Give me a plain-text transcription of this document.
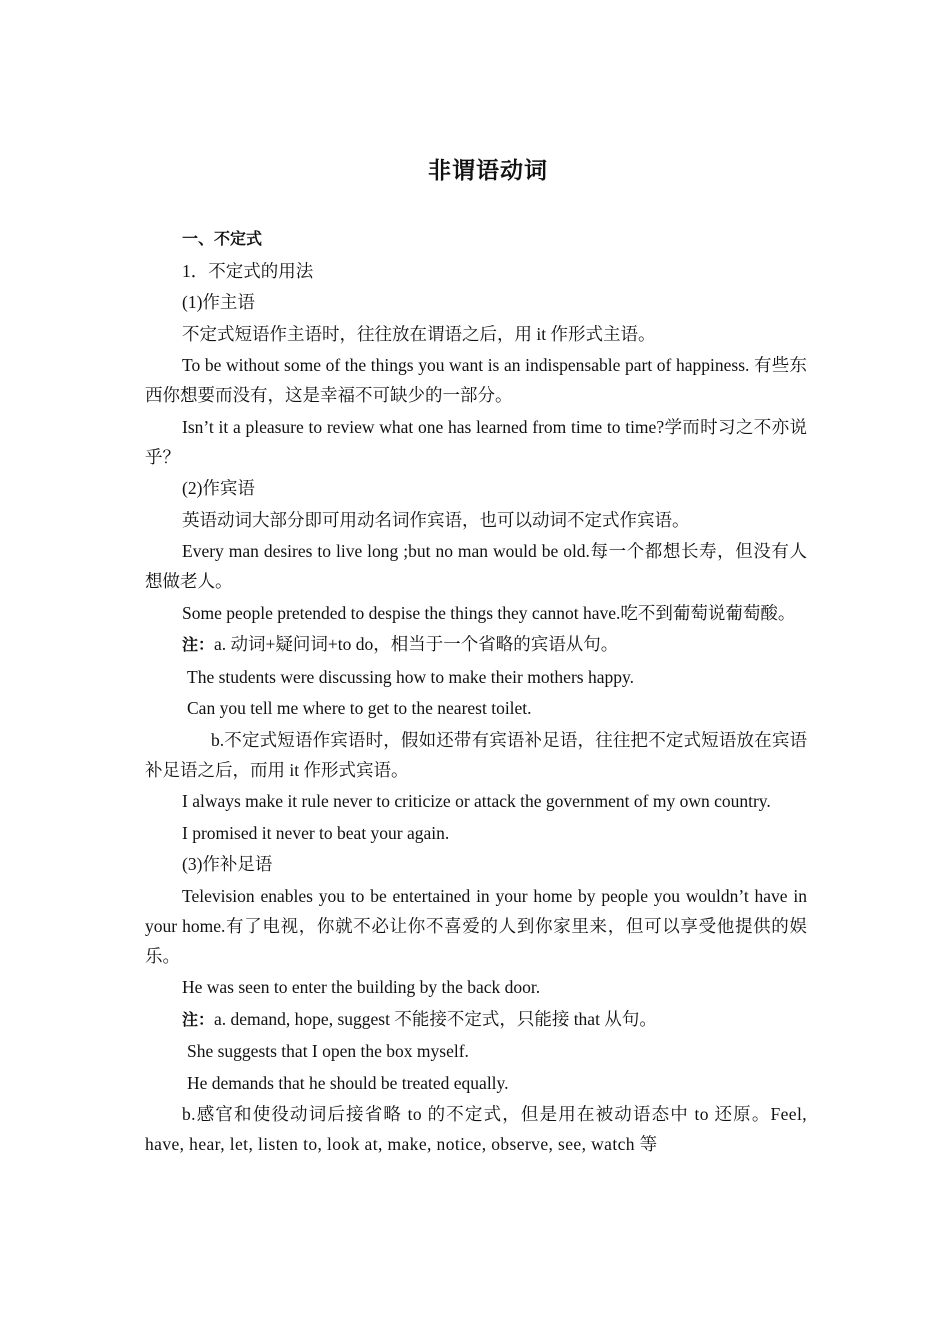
非谓语动词

一、不定式

1．不定式的用法

(1)作主语

不定式短语作主语时，往往放在谓语之后，用 it 作形式主语。

To be without some of the things you want is an indispensable part of happiness. 有些东西你想要而没有，这是幸福不可缺少的一部分。

Isn’t it a pleasure to review what one has learned from time to time?学而时习之不亦说乎？

(2)作宾语

英语动词大部分即可用动名词作宾语，也可以动词不定式作宾语。

Every man desires to live long ;but no man would be old.每一个都想长寿，但没有人想做老人。

Some people pretended to despise the things they cannot have.吃不到葡萄说葡萄酸。

注：a. 动词+疑问词+to do，相当于一个省略的宾语从句。

The students were discussing how to make their mothers happy.

Can you tell me where to get to the nearest toilet.

b.不定式短语作宾语时，假如还带有宾语补足语，往往把不定式短语放在宾语补足语之后，而用 it 作形式宾语。

I always make it rule never to criticize or attack the government of my own country.

I promised it never to beat your again.

(3)作补足语

Television enables you to be entertained in your home by people you wouldn’t have in your home.有了电视，你就不必让你不喜爱的人到你家里来，但可以享受他提供的娱乐。

He was seen to enter the building by the back door.

注：a. demand, hope, suggest 不能接不定式，只能接 that 从句。

She suggests that I open the box myself.

He demands that he should be treated equally.

b.感官和使役动词后接省略 to 的不定式，但是用在被动语态中 to 还原。Feel, have, hear, let, listen to, look at, make, notice, observe, see, watch 等
